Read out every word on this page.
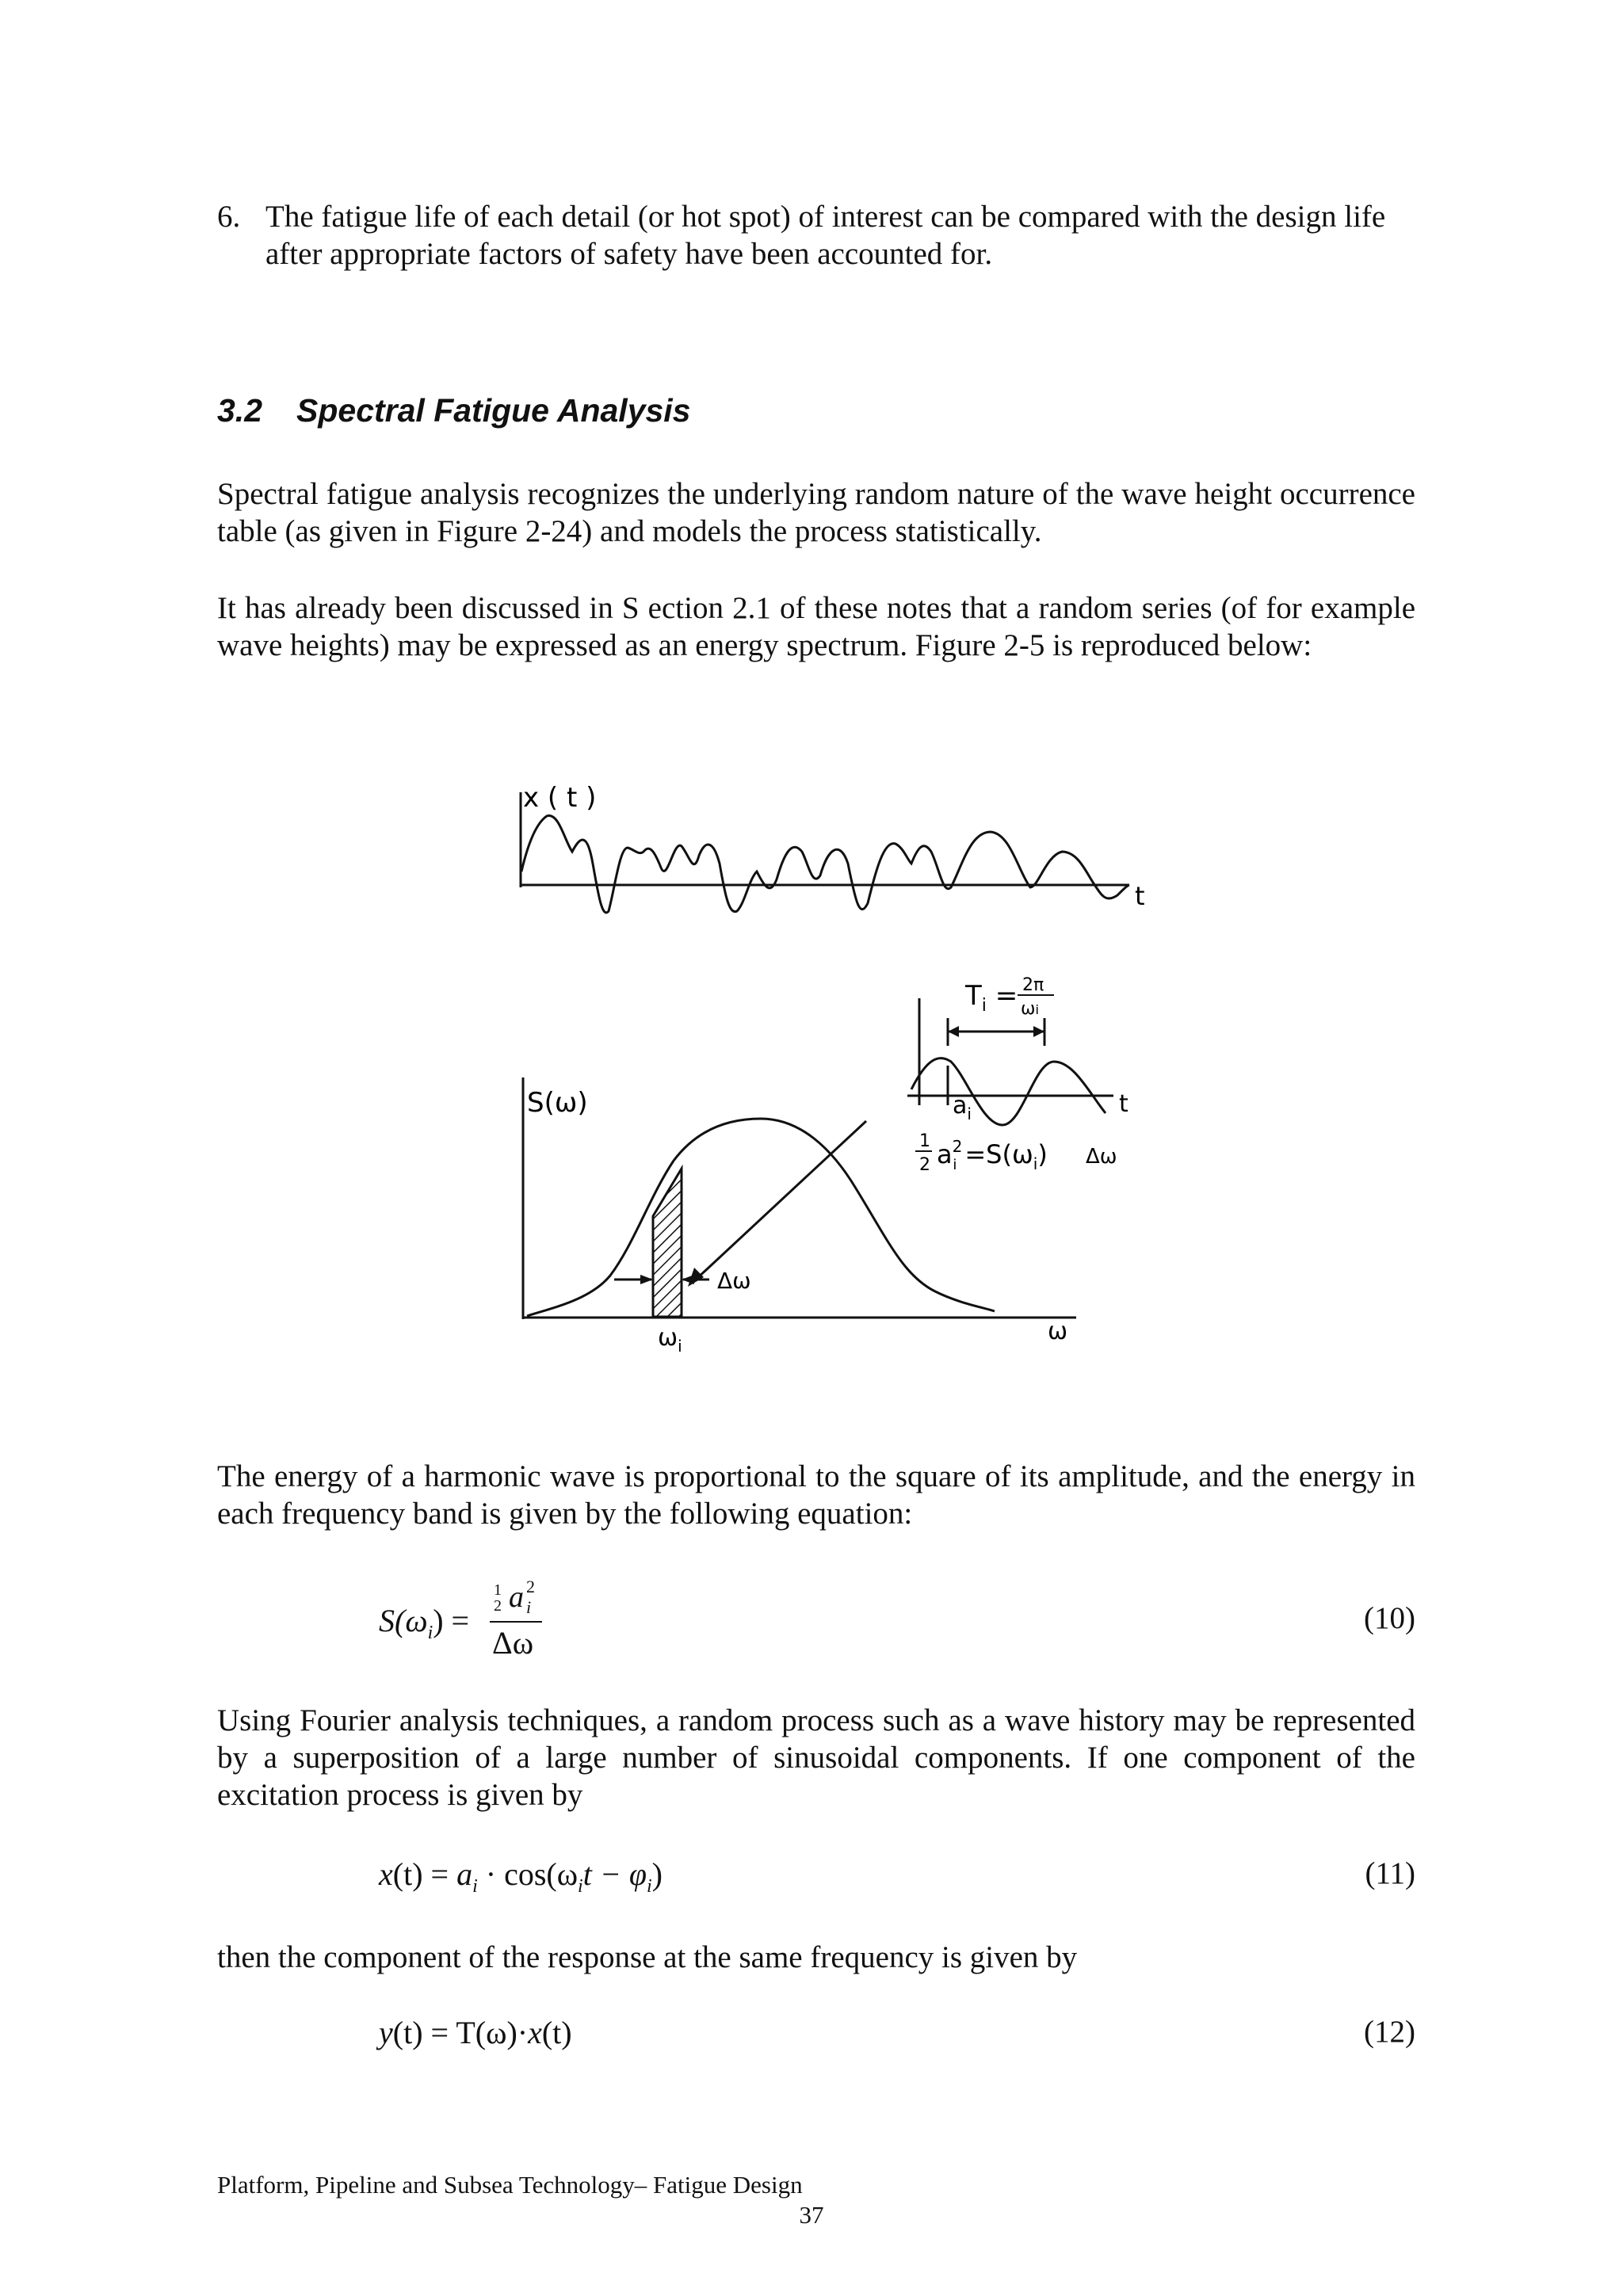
6. The fatigue life of each detail (or hot spot) of interest can be compared with the design life after appropriate factors of safety have been accounted for.
3.2 Spectral Fatigue Analysis
Spectral fatigue analysis recognizes the underlying random nature of the wave height occurrence table (as given in Figure 2-24) and models the process statistically.
It has already been discussed in S ection 2.1 of these notes that a random series (of for example wave heights) may be expressed as an energy spectrum. Figure 2-5 is reproduced below:
x ( t )
t
$T_i = 2\pi$
ωi
t
$a_i$
1
2 $a^2$ $i =S(\omega_i)$ Δω
S(ω)
Δω
$\omega_i$
ω
The energy of a harmonic wave is proportional to the square of its amplitude, and the energy in each frequency band is given by the following equation:
$S(\omega_i)$ =
1
2 a 2
i
Δω
(10)
Using Fourier analysis techniques, a random process such as a wave history may be represented by a superposition of a large number of sinusoidal components. If one component of the excitation process is given by
$x(t) = a_i \cdot \cos(\omega_it - \varphi_i)$	(11)
then the component of the response at the same frequency is given by
y(t) = T(ω)·x(t)	(12)
Platform, Pipeline and Subsea Technology– Fatigue Design
37
